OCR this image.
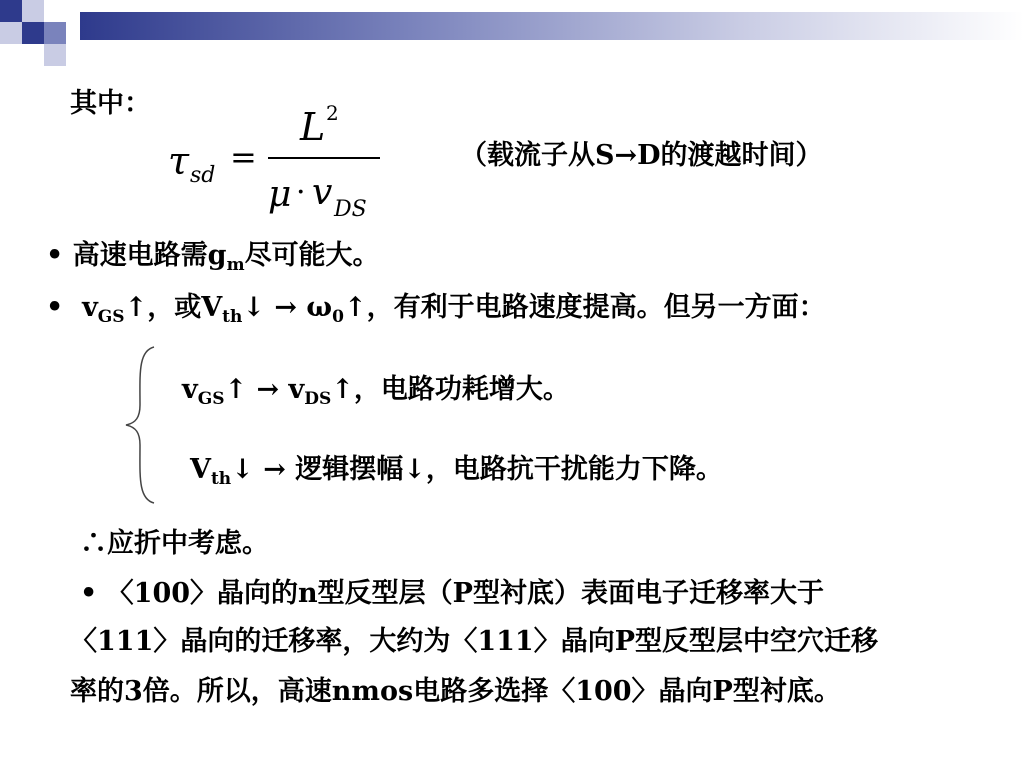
其中：
τ sd =
L 2
μ · v DS
（载流子从S→D的渡越时间）
• 高速电路需$g_m$尽可能大。
• $v_{GS}↑$，或$V_{th}↓$ → $\omega_0↑$，有利于电路速度提高。但另一方面：
$v_{GS}↑$ → $v_{DS}↑$，电路功耗增大。
$V_{th}↓$ → 逻辑摆幅↓，电路抗干扰能力下降。
∴应折中考虑。
• 〈100〉晶向的n型反型层（P型衬底）表面电子迁移率大于
〈111〉晶向的迁移率，大约为〈111〉晶向P型反型层中空穴迁移
率的3倍。所以，高速nmos电路多选择〈100〉晶向P型衬底。
